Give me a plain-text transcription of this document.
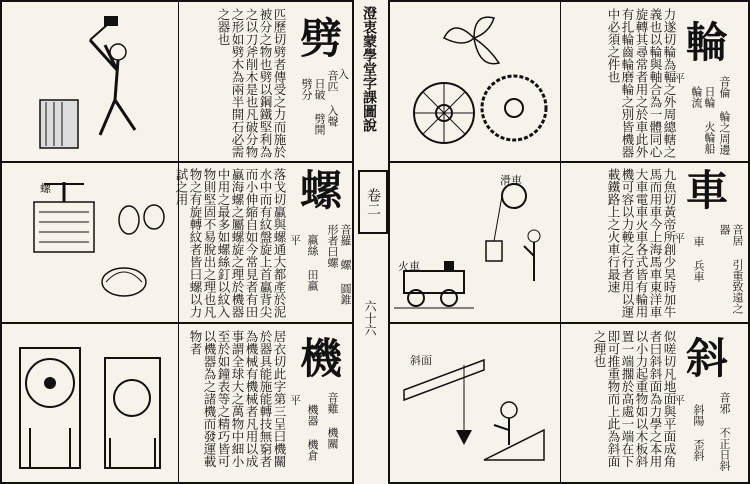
澄衷蒙學堂字課圖說
卷二
六十六
劈
音匹 入聲
日破 劈開 劈分
匹歷切劈者傳受之力而施於被分之物也劈以鋼鐵堅利為之以刀斧削木是也凡破分物之形如劈木為兩半開石必需之器也
入
螺	螺
音羅 螺 圓錐形者曰螺
蠃絲 田蠃
落戈切蠃與螺通大都產於泥水中而有紋盤旋上首蠃背尖而小伸縮自如今常見者有田蠃海螺之屬螺旋之理於機器中用之最多如螺絲釘以紋入物則堅固不易脫出之理也凡物之有旋轉紋者皆曰螺以力試之用
平
機
音雞 機關
機器 機倉
居衣切此字第三呈曰機關於器具能施能轉技無窮者為機械有機械者凡用以成事謂全球大之萬物中細小至於如鐘表等之精巧皆可以機器為之諸機而發運載物者
平
輪
音倫 輪之周邊
日輪 火輪船 輪流
力遂切輪為輻之外周總轄之義也以輪與軸合為一體同心旋轉其尋常者用之於車此外有扎輪齒輪磨輪之別皆機器中必須之件也	平
滑車
火車
車
音居 引重致遠之器
車 兵車
九魚切黃帝所創少昊時加牛馬而用車今上海馬車東洋車大車電車火車各式皆有輪用機可容以力輓之行者用以運載鐵路上之火車行最速	平
斜面	斜
音邪 不正日斜
斜陽 歪斜
似嗟切凡地面與平面成角者曰斜斜面為力學之本用以小力起重物如以木板斜置一端擱於高處一端在下即可推重物而上此為斜面之理也
平
